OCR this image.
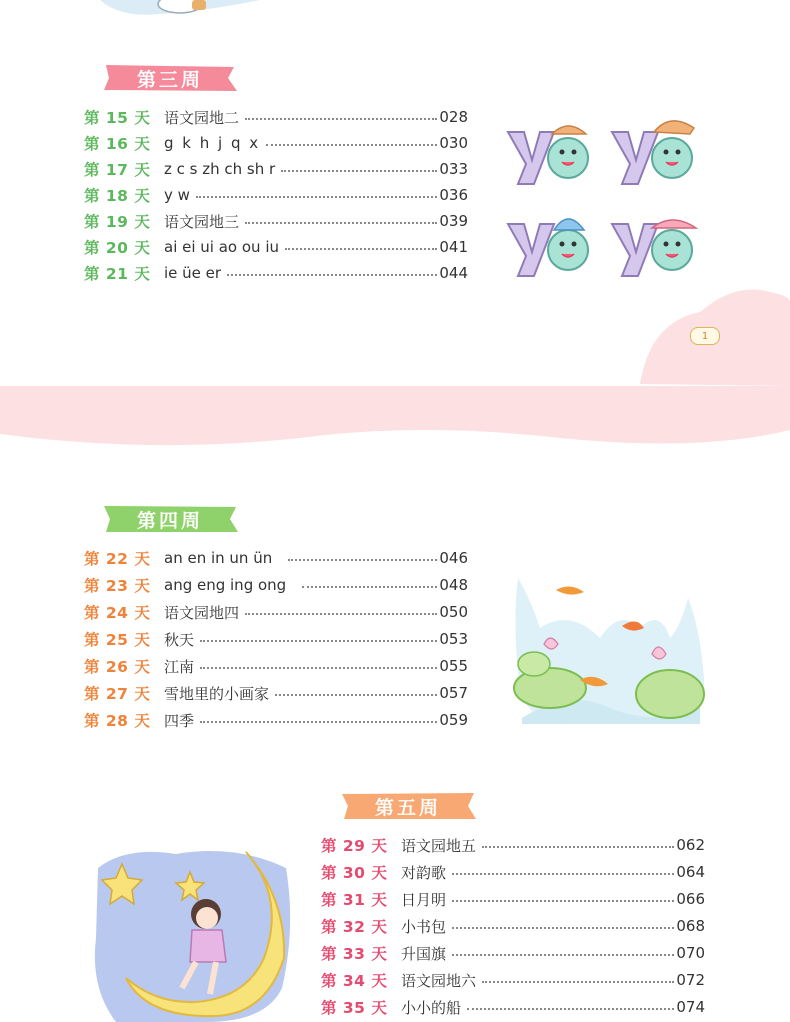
第三周
第 15 天 语文园地二	028
第 16 天 g k h j q x	030
第 17 天 z c s zh ch sh r	033
第 18 天 y w	036
第 19 天 语文园地三	039
第 20 天 ai ei ui ao ou iu	041
第 21 天 ie üe er	044
1
第四周
第 22 天 an en in un ün	046
第 23 天 ang eng ing ong	048
第 24 天 语文园地四	050
第 25 天 秋天	053
第 26 天 江南	055
第 27 天 雪地里的小画家	057
第 28 天 四季	059
第五周
第 29 天 语文园地五	062
第 30 天 对韵歌	064
第 31 天 日月明	066
第 32 天 小书包	068
第 33 天 升国旗	070
第 34 天 语文园地六	072
第 35 天 小小的船	074
